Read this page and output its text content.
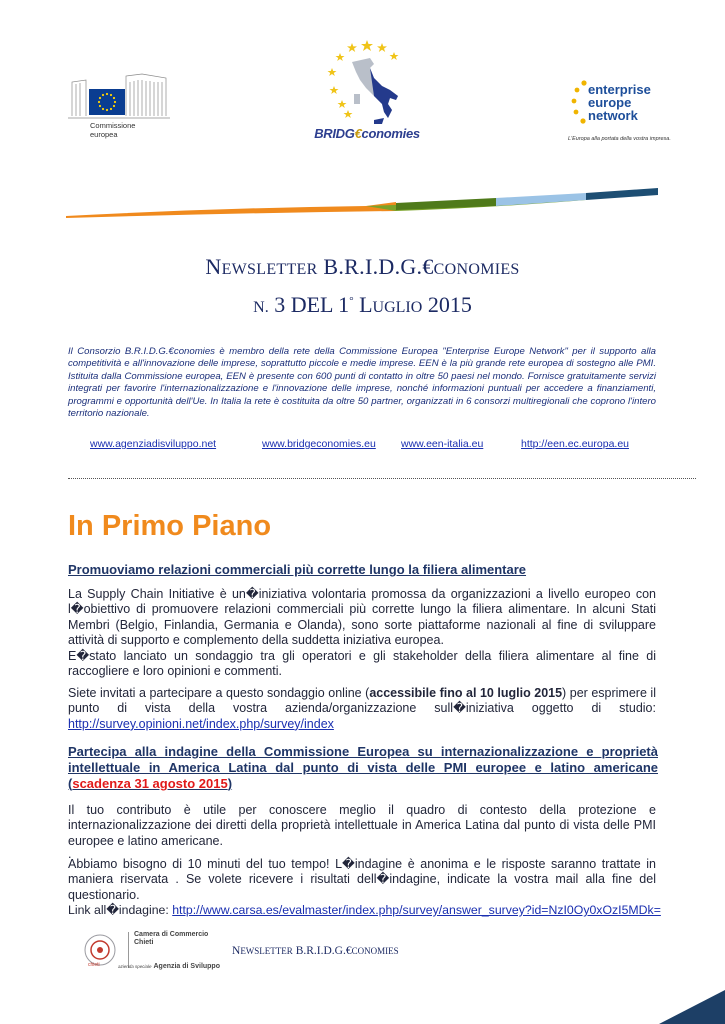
Commissione
europea	BRIDG€conomies
enterprise
europe
network
L'Europa alla portata della vostra impresa.
NEWSLETTER B.R.I.D.G.€CONOMIES
N. 3 DEL 1° LUGLIO 2015
Il Consorzio B.R.I.D.G.€conomies è membro della rete della Commissione Europea "Enterprise Europe Network" per il supporto alla competitività e all'innovazione delle imprese, soprattutto piccole e medie imprese. EEN è la più grande rete europea di sostegno alle PMI. Istituita dalla Commissione europea, EEN è presente con 600 punti di contatto in oltre 50 paesi nel mondo. Fornisce gratuitamente servizi integrati per favorire l'internazionalizzazione e l'innovazione delle imprese, nonché informazioni puntuali per accedere a finanziamenti, programmi e opportunità dell'Ue. In Italia la rete è costituita da oltre 50 partner, organizzati in 6 consorzi multiregionali che coprono l'intero territorio nazionale.
www.agenziadisviluppo.net	www.bridgeconomies.eu www.een-italia.eu	http://een.ec.europa.eu
In Primo Piano
Promuoviamo relazioni commerciali più corrette lungo la filiera alimentare
La Supply Chain Initiative è un�iniziativa volontaria promossa da organizzazioni a livello europeo con l�obiettivo di promuovere relazioni commerciali più corrette lungo la filiera alimentare. In alcuni Stati Membri (Belgio, Finlandia, Germania e Olanda), sono sorte piattaforme nazionali al fine di sviluppare attività di supporto e complemento della suddetta iniziativa europea.
E�stato lanciato un sondaggio tra gli operatori e gli stakeholder della filiera alimentare al fine di raccogliere e loro opinioni e commenti.
Siete invitati a partecipare a questo sondaggio online (accessibile fino al 10 luglio 2015) per esprimere il punto di vista della vostra azienda/organizzazione sull�iniziativa oggetto di studio: http://survey.opinioni.net/index.php/survey/index
Partecipa alla indagine della Commissione Europea su internazionalizzazione e proprietà intellettuale in America Latina dal punto di vista delle PMI europee e latino americane (scadenza 31 agosto 2015)
Il tuo contributo è utile per conoscere meglio il quadro di contesto della protezione e internazionalizzazione dei diretti della proprietà intellettuale in America Latina dal punto di vista delle PMI europee e latino americane.
.
Abbiamo bisogno di 10 minuti del tuo tempo! L�indagine è anonima e le risposte saranno trattate in maniera riservata . Se volete ricevere i risultati dell�indagine, indicate la vostra mail alla fine del questionario.
Link all�indagine: http://www.carsa.es/evalmaster/index.php/survey/answer_survey?id=NzI0Oy0xOzI5MDk=
Camera di Commercio
Chieti
chieti	azienda speciale Agenzia di Sviluppo
NEWSLETTER B.R.I.D.G.€CONOMIES
